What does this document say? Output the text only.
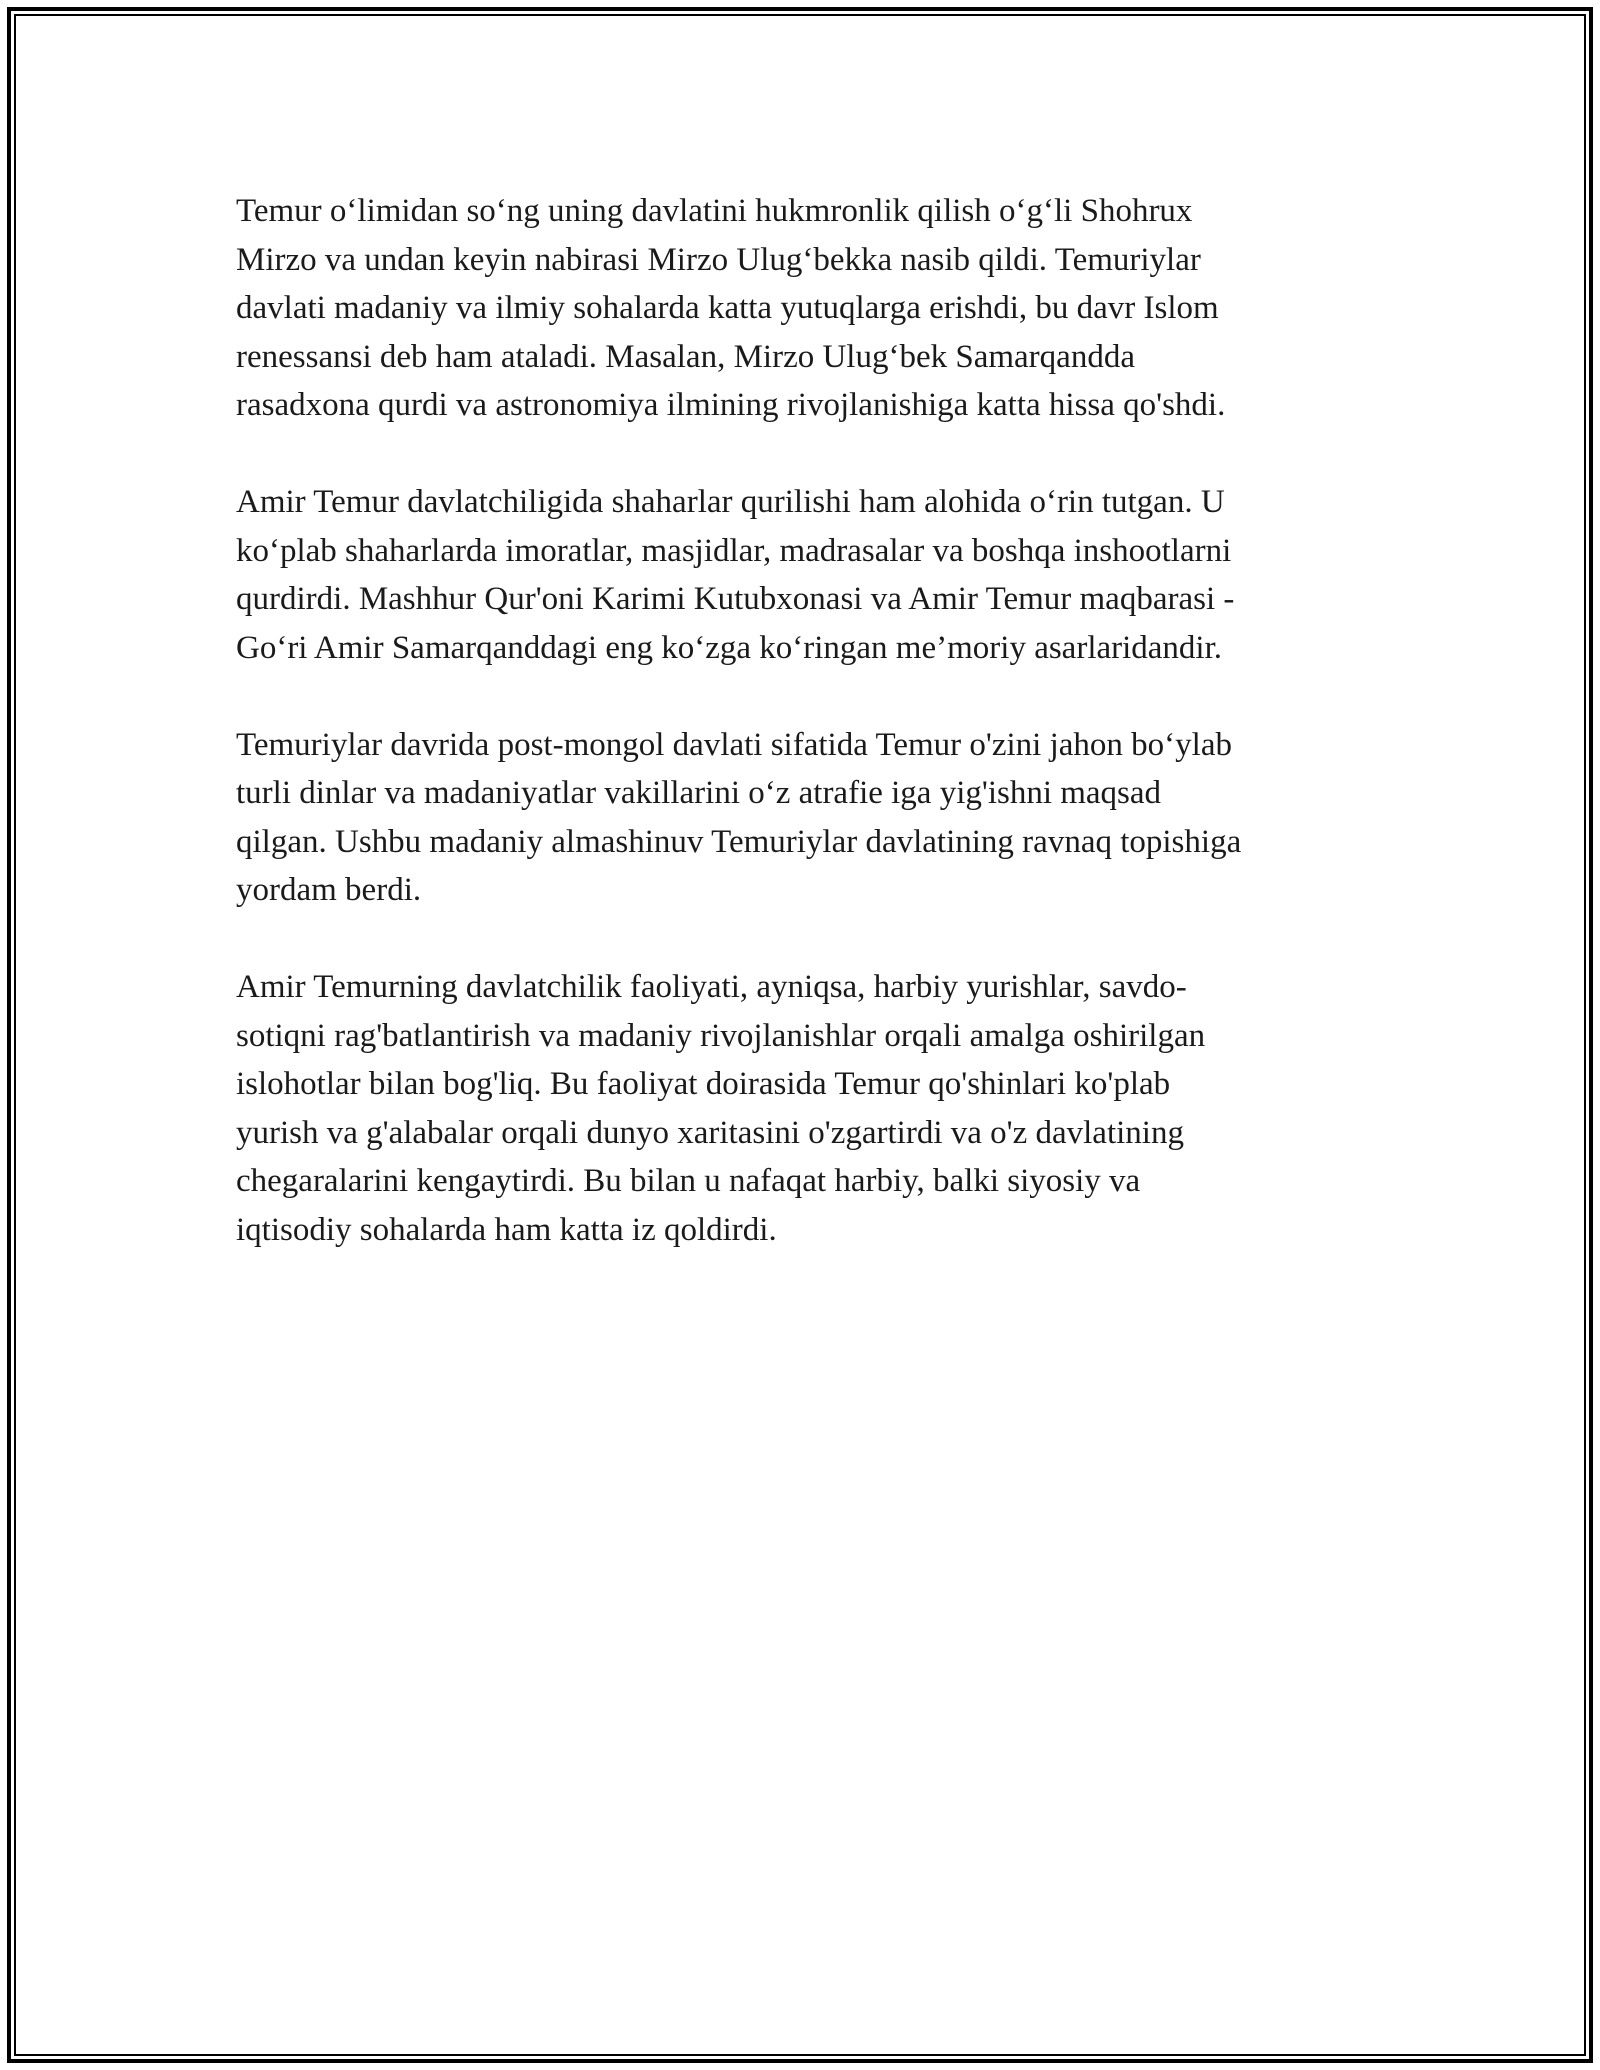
Temur o‘limidan so‘ng uning davlatini hukmronlik qilish o‘g‘li Shohrux
Mirzo va undan keyin nabirasi Mirzo Ulug‘bekka nasib qildi. Temuriylar
davlati madaniy va ilmiy sohalarda katta yutuqlarga erishdi, bu davr Islom
renessansi deb ham ataladi. Masalan, Mirzo Ulug‘bek Samarqandda
rasadxona qurdi va astronomiya ilmining rivojlanishiga katta hissa qo'shdi.

Amir Temur davlatchiligida shaharlar qurilishi ham alohida o‘rin tutgan. U
ko‘plab shaharlarda imoratlar, masjidlar, madrasalar va boshqa inshootlarni
qurdirdi. Mashhur Qur'oni Karimi Kutubxonasi va Amir Temur maqbarasi -
Go‘ri Amir Samarqanddagi eng ko‘zga ko‘ringan me’moriy asarlaridandir.

Temuriylar davrida post-mongol davlati sifatida Temur o'zini jahon bo‘ylab
turli dinlar va madaniyatlar vakillarini o‘z atrafie iga yig'ishni maqsad
qilgan. Ushbu madaniy almashinuv Temuriylar davlatining ravnaq topishiga
yordam berdi.

Amir Temurning davlatchilik faoliyati, ayniqsa, harbiy yurishlar, savdo-
sotiqni rag'batlantirish va madaniy rivojlanishlar orqali amalga oshirilgan
islohotlar bilan bog'liq. Bu faoliyat doirasida Temur qo'shinlari ko'plab
yurish va g'alabalar orqali dunyo xaritasini o'zgartirdi va o'z davlatining
chegaralarini kengaytirdi. Bu bilan u nafaqat harbiy, balki siyosiy va
iqtisodiy sohalarda ham katta iz qoldirdi.
